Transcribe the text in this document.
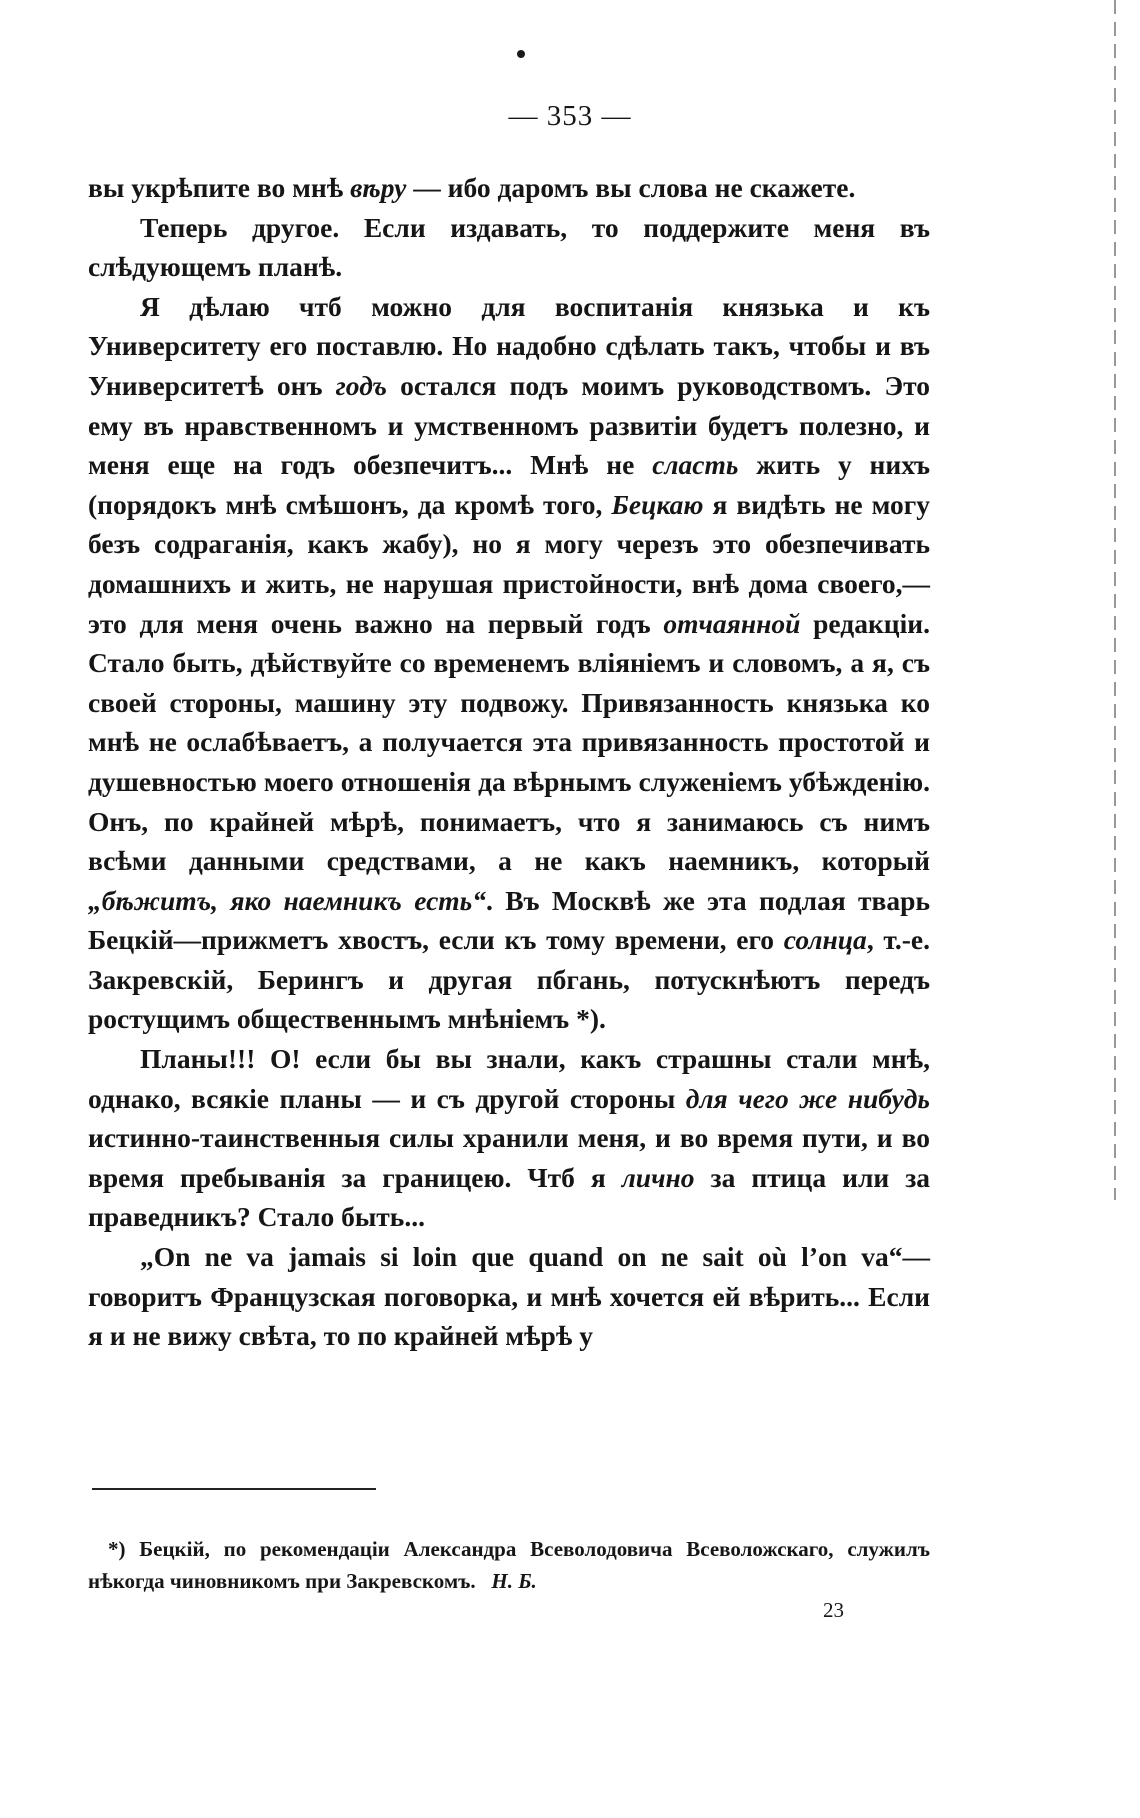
— 353 —

вы укрѣпите во мнѣ вѣру — ибо даромъ вы слова не скажете.

Теперь другое. Если издавать, то поддержите меня въ слѣдующемъ планѣ.

Я дѣлаю чтб можно для воспитанія князька и къ Университету его поставлю. Но надобно сдѣлать такъ, чтобы и въ Университетѣ онъ годъ остался подъ моимъ руководствомъ. Это ему въ нравственномъ и умственномъ развитіи будетъ полезно, и меня еще на годъ обезпечитъ... Мнѣ не сласть жить у нихъ (порядокъ мнѣ смѣшонъ, да кромѣ того, Бецкаю я видѣть не могу безъ содраганія, какъ жабу), но я могу черезъ это обезпечивать домашнихъ и жить, не нарушая пристойности, внѣ дома своего,—это для меня очень важно на первый годъ отчаянной редакціи. Стало быть, дѣйствуйте со временемъ вліяніемъ и словомъ, а я, съ своей стороны, машину эту подвожу. Привязанность князька ко мнѣ не ослабѣваетъ, а получается эта привязанность простотой и душевностью моего отношенія да вѣрнымъ служеніемъ убѣжденію. Онъ, по крайней мѣрѣ, понимаетъ, что я занимаюсь съ нимъ всѣми данными средствами, а не какъ наемникъ, который „бѣжитъ, яко наемникъ есть“. Въ Москвѣ же эта подлая тварь Бецкій—прижметъ хвостъ, если къ тому времени, его солнца, т.-е. Закревскій, Берингъ и другая пбгань, потускнѣютъ передъ ростущимъ общественнымъ мнѣніемъ *).

Планы!!! О! если бы вы знали, какъ страшны стали мнѣ, однако, всякіе планы — и съ другой стороны для чего же нибудь истинно-таинственныя силы хранили меня, и во время пути, и во время пребыванія за границею. Чтб я лично за птица или за праведникъ? Стало быть...

„On ne va jamais si loin que quand on ne sait où l’on va“—говоритъ Французская поговорка, и мнѣ хочется ей вѣрить... Если я и не вижу свѣта, то по крайней мѣрѣ у

*) Бецкій, по рекомендаціи Александра Всеволодовича Всеволожскаго, служилъ нѣкогда чиновникомъ при Закревскомъ. Н. Б.

23
